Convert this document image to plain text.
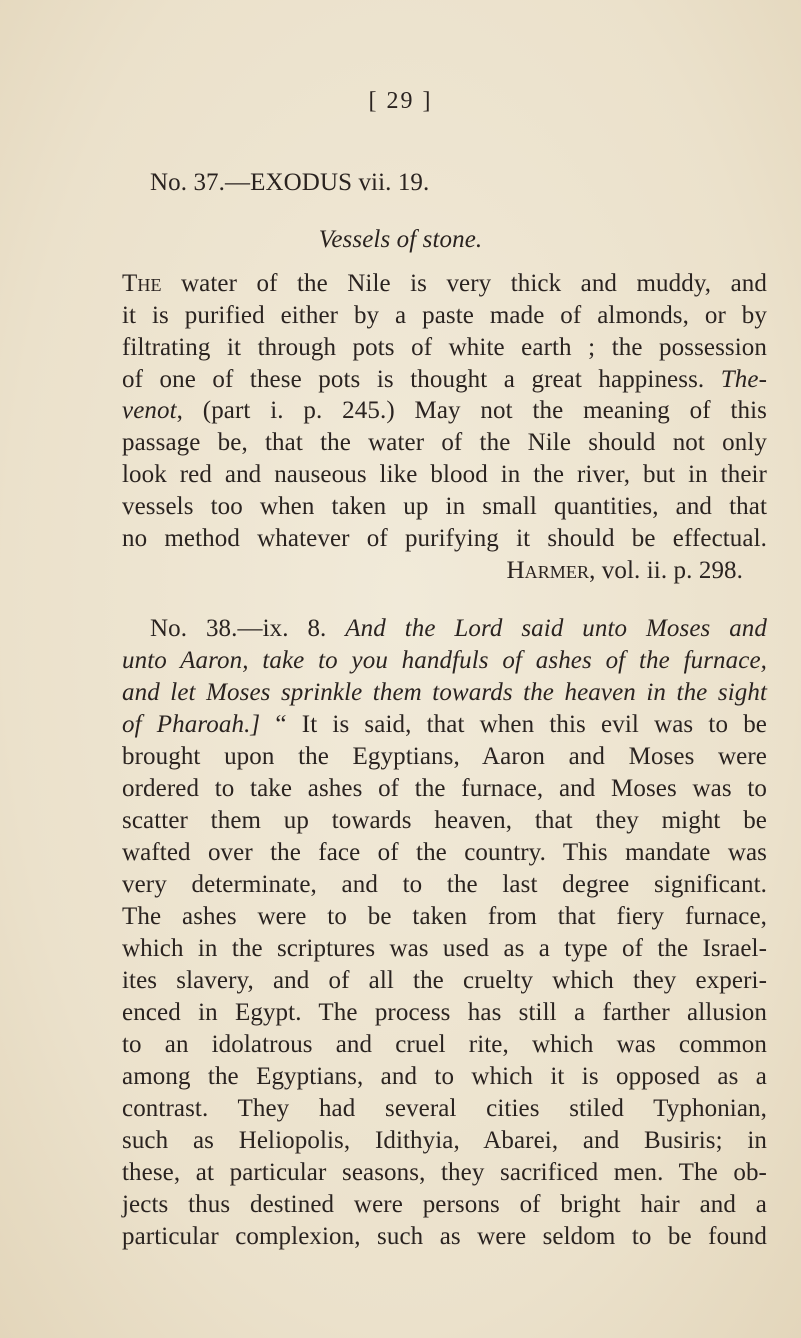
[ 29 ]
No. 37.—EXODUS vii. 19.
Vessels of stone.
The water of the Nile is very thick and muddy, and
it is purified either by a paste made of almonds, or by
filtrating it through pots of white earth ; the possession
of one of these pots is thought a great happiness. The-
venot, (part i. p. 245.) May not the meaning of this
passage be, that the water of the Nile should not only
look red and nauseous like blood in the river, but in their
vessels too when taken up in small quantities, and that
no method whatever of purifying it should be effectual.
Harmer, vol. ii. p. 298.
No. 38.—ix. 8. And the Lord said unto Moses and
unto Aaron, take to you handfuls of ashes of the furnace,
and let Moses sprinkle them towards the heaven in the sight
of Pharoah.] “ It is said, that when this evil was to be
brought upon the Egyptians, Aaron and Moses were
ordered to take ashes of the furnace, and Moses was to
scatter them up towards heaven, that they might be
wafted over the face of the country. This mandate was
very determinate, and to the last degree significant.
The ashes were to be taken from that fiery furnace,
which in the scriptures was used as a type of the Israel-
ites slavery, and of all the cruelty which they experi-
enced in Egypt. The process has still a farther allusion
to an idolatrous and cruel rite, which was common
among the Egyptians, and to which it is opposed as a
contrast. They had several cities stiled Typhonian,
such as Heliopolis, Idithyia, Abarei, and Busiris; in
these, at particular seasons, they sacrificed men. The ob-
jects thus destined were persons of bright hair and a
particular complexion, such as were seldom to be found
